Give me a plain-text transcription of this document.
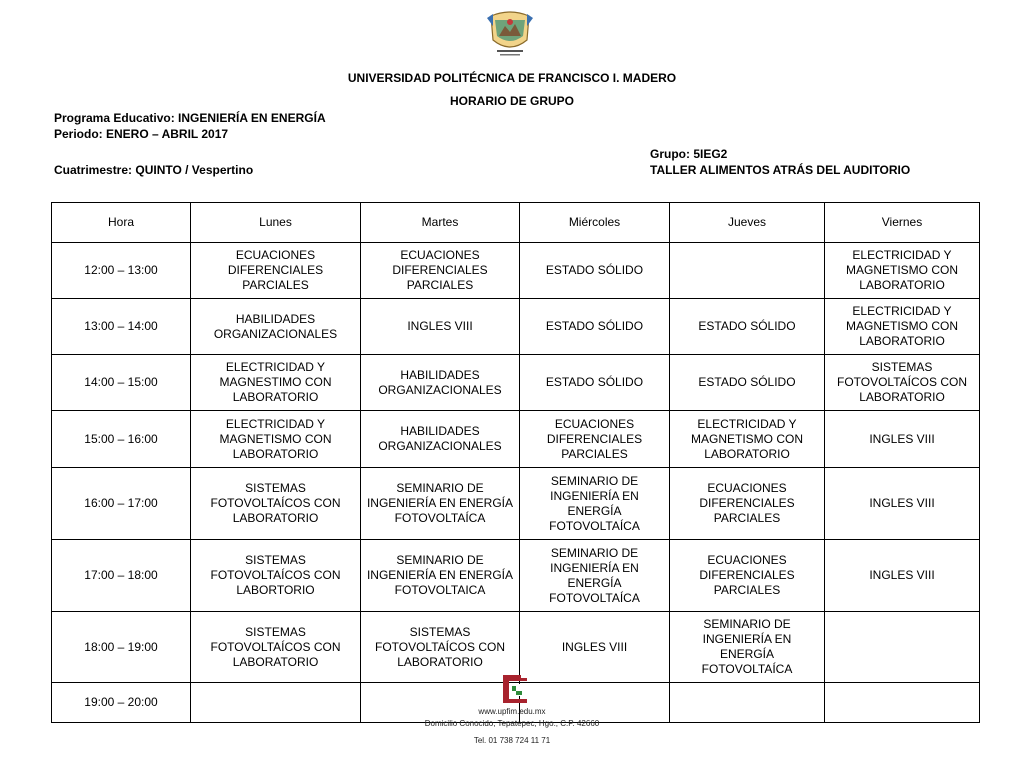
UNIVERSIDAD POLITÉCNICA DE FRANCISCO I. MADERO
HORARIO DE GRUPO
Programa Educativo: INGENIERÍA EN ENERGÍA
Periodo: ENERO – ABRIL 2017
Cuatrimestre: QUINTO / Vespertino
Grupo: 5IEG2
TALLER ALIMENTOS ATRÁS DEL AUDITORIO
Hora	Lunes	Martes	Miércoles	Jueves	Viernes
12:00 – 13:00	ECUACIONES DIFERENCIALES PARCIALES	ECUACIONES DIFERENCIALES PARCIALES	ESTADO SÓLIDO		ELECTRICIDAD Y MAGNETISMO CON LABORATORIO
13:00 – 14:00	HABILIDADES ORGANIZACIONALES	INGLES VIII	ESTADO SÓLIDO	ESTADO SÓLIDO	ELECTRICIDAD Y MAGNETISMO CON LABORATORIO
14:00 – 15:00	ELECTRICIDAD Y MAGNESTIMO CON LABORATORIO	HABILIDADES ORGANIZACIONALES	ESTADO SÓLIDO	ESTADO SÓLIDO	SISTEMAS FOTOVOLTAÍCOS CON LABORATORIO
15:00 – 16:00	ELECTRICIDAD Y MAGNETISMO CON LABORATORIO	HABILIDADES ORGANIZACIONALES	ECUACIONES DIFERENCIALES PARCIALES	ELECTRICIDAD Y MAGNETISMO CON LABORATORIO	INGLES VIII
16:00 – 17:00	SISTEMAS FOTOVOLTAÍCOS CON LABORATORIO	SEMINARIO DE INGENIERÍA EN ENERGÍA FOTOVOLTAÍCA	SEMINARIO DE INGENIERÍA EN ENERGÍA FOTOVOLTAÍCA	ECUACIONES DIFERENCIALES PARCIALES	INGLES VIII
17:00 – 18:00	SISTEMAS FOTOVOLTAÍCOS CON LABORTORIO	SEMINARIO DE INGENIERÍA EN ENERGÍA FOTOVOLTAICA	SEMINARIO DE INGENIERÍA EN ENERGÍA FOTOVOLTAÍCA	ECUACIONES DIFERENCIALES PARCIALES	INGLES VIII
18:00 – 19:00	SISTEMAS FOTOVOLTAÍCOS CON LABORATORIO	SISTEMAS FOTOVOLTAÍCOS CON LABORATORIO	INGLES VIII	SEMINARIO DE INGENIERÍA EN ENERGÍA FOTOVOLTAÍCA	
19:00 – 20:00					
www.upfim.edu.mx
Domicilio Conocido, Tepatepec, Hgo., C.P. 42660
Tel. 01 738 724 11 71
